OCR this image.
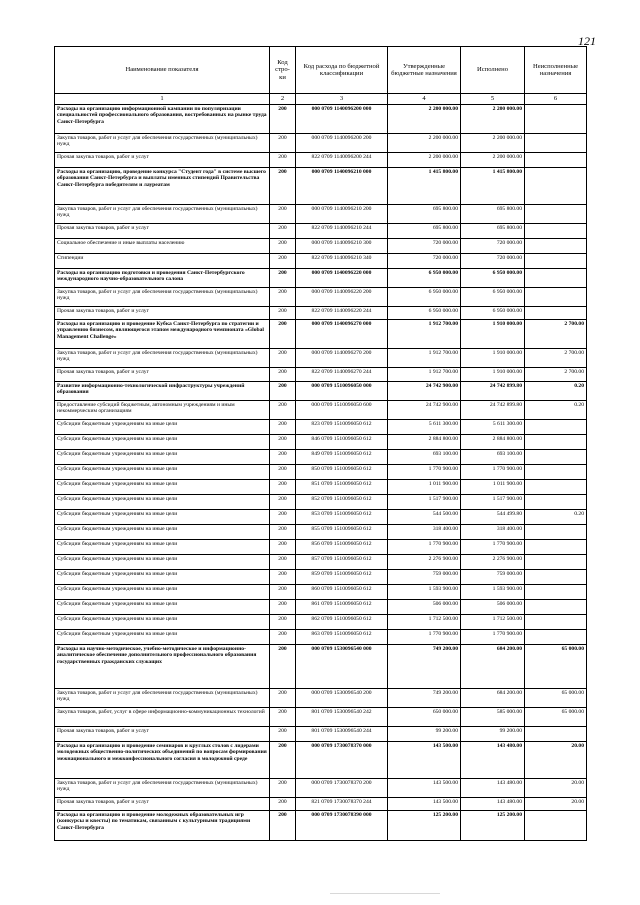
121
Наименование показателя	Код стро-ки	Код расхода по бюджетной классификации	Утвержденные бюджетные назначения	Исполнено	Неисполненные назначения
1	2	3	4	5	6
Расходы на организацию информационной кампании по популяризации специальностей профессионального образования, востребованных на рынке труда Санкт-Петербурга	200	000 0709 1140096200 000	2 200 000.00	2 200 000.00	
Закупка товаров, работ и услуг для обеспечения государственных (муниципальных) нужд	200	000 0709 1140096200 200	2 200 000.00	2 200 000.00	
Прочая закупка товаров, работ и услуг	200	822 0709 1140096200 244	2 200 000.00	2 200 000.00	
Расходы на организацию, проведение конкурса "Студент года" в системе высшего образования Санкт-Петербурга и выплаты именных стипендий Правительства Санкт-Петербурга победителям и лауреатам	200	000 0709 1140096210 000	1 415 800.00	1 415 800.00	
Закупка товаров, работ и услуг для обеспечения государственных (муниципальных) нужд	200	000 0709 1140096210 200	695 800.00	695 800.00	
Прочая закупка товаров, работ и услуг	200	822 0709 1140096210 244	695 800.00	695 800.00	
Социальное обеспечение и иные выплаты населению	200	000 0709 1140096210 300	720 000.00	720 000.00	
Стипендии	200	822 0709 1140096210 340	720 000.00	720 000.00	
Расходы на организацию подготовки и проведения Санкт-Петербургского международного научно-образовательного салона	200	000 0709 1140096220 000	6 950 000.00	6 950 000.00	
Закупка товаров, работ и услуг для обеспечения государственных (муниципальных) нужд	200	000 0709 1140096220 200	6 950 000.00	6 950 000.00	
Прочая закупка товаров, работ и услуг	200	822 0709 1140096220 244	6 950 000.00	6 950 000.00	
Расходы на организацию и проведение Кубка Санкт-Петербурга по стратегии и управлению бизнесом, являющегося этапом международного чемпионата «Global Management Challenge»	200	000 0709 1140096270 000	1 912 700.00	1 910 000.00	2 700.00
Закупка товаров, работ и услуг для обеспечения государственных (муниципальных) нужд	200	000 0709 1140096270 200	1 912 700.00	1 910 000.00	2 700.00
Прочая закупка товаров, работ и услуг	200	822 0709 1140096270 244	1 912 700.00	1 910 000.00	2 700.00
Развитие информационно-технологической инфраструктуры учреждений образования	200	000 0709 1510096050 000	24 742 900.00	24 742 899.80	0.20
Предоставление субсидий бюджетным, автономным учреждениям и иным некоммерческим организациям	200	000 0709 1510096050 600	24 742 900.00	24 742 899.80	0.20
Субсидии бюджетным учреждениям на иные цели	200	823 0709 1510096050 612	5 611 300.00	5 611 300.00	
Субсидии бюджетным учреждениям на иные цели	200	846 0709 1510096050 612	2 884 800.00	2 884 800.00	
Субсидии бюджетным учреждениям на иные цели	200	849 0709 1510096050 612	693 100.00	693 100.00	
Субсидии бюджетным учреждениям на иные цели	200	850 0709 1510096050 612	1 770 900.00	1 770 900.00	
Субсидии бюджетным учреждениям на иные цели	200	851 0709 1510096050 612	1 011 900.00	1 011 900.00	
Субсидии бюджетным учреждениям на иные цели	200	852 0709 1510096050 612	1 517 900.00	1 517 900.00	
Субсидии бюджетным учреждениям на иные цели	200	853 0709 1510096050 612	544 500.00	544 499.80	0.20
Субсидии бюджетным учреждениям на иные цели	200	855 0709 1510096050 612	318 400.00	318 400.00	
Субсидии бюджетным учреждениям на иные цели	200	856 0709 1510096050 612	1 770 900.00	1 770 900.00	
Субсидии бюджетным учреждениям на иные цели	200	857 0709 1510096050 612	2 276 900.00	2 276 900.00	
Субсидии бюджетным учреждениям на иные цели	200	859 0709 1510096050 612	759 000.00	759 000.00	
Субсидии бюджетным учреждениям на иные цели	200	860 0709 1510096050 612	1 593 900.00	1 593 900.00	
Субсидии бюджетным учреждениям на иные цели	200	861 0709 1510096050 612	506 000.00	506 000.00	
Субсидии бюджетным учреждениям на иные цели	200	862 0709 1510096050 612	1 712 500.00	1 712 500.00	
Субсидии бюджетным учреждениям на иные цели	200	863 0709 1510096050 612	1 770 900.00	1 770 900.00	
Расходы на научно-методическое, учебно-методическое и информационно-аналитическое обеспечение дополнительного профессионального образования государственных гражданских служащих	200	000 0709 1530096540 000	749 200.00	684 200.00	65 000.00
Закупка товаров, работ и услуг для обеспечения государственных (муниципальных) нужд	200	000 0709 1530096540 200	749 200.00	684 200.00	65 000.00
Закупка товаров, работ, услуг в сфере информационно-коммуникационных технологий	200	801 0709 1530096540 242	650 000.00	585 000.00	65 000.00
Прочая закупка товаров, работ и услуг	200	801 0709 1530096540 244	99 200.00	99 200.00	
Расходы на организацию и проведение семинаров и круглых столов с лидерами молодежных общественно-политических объединений по вопросам формирования межнационального и межконфессионального согласия в молодежной среде	200	000 0709 1730078370 000	143 500.00	143 480.00	20.00
Закупка товаров, работ и услуг для обеспечения государственных (муниципальных) нужд	200	000 0709 1730078370 200	143 500.00	143 480.00	20.00
Прочая закупка товаров, работ и услуг	200	821 0709 1730078370 244	143 500.00	143 480.00	20.00
Расходы на организацию и проведение молодежных образовательных игр (конкурсы и квесты) по тематикам, связанным с культурными традициями Санкт-Петербурга	200	000 0709 1730078390 000	125 200.00	125 200.00	
